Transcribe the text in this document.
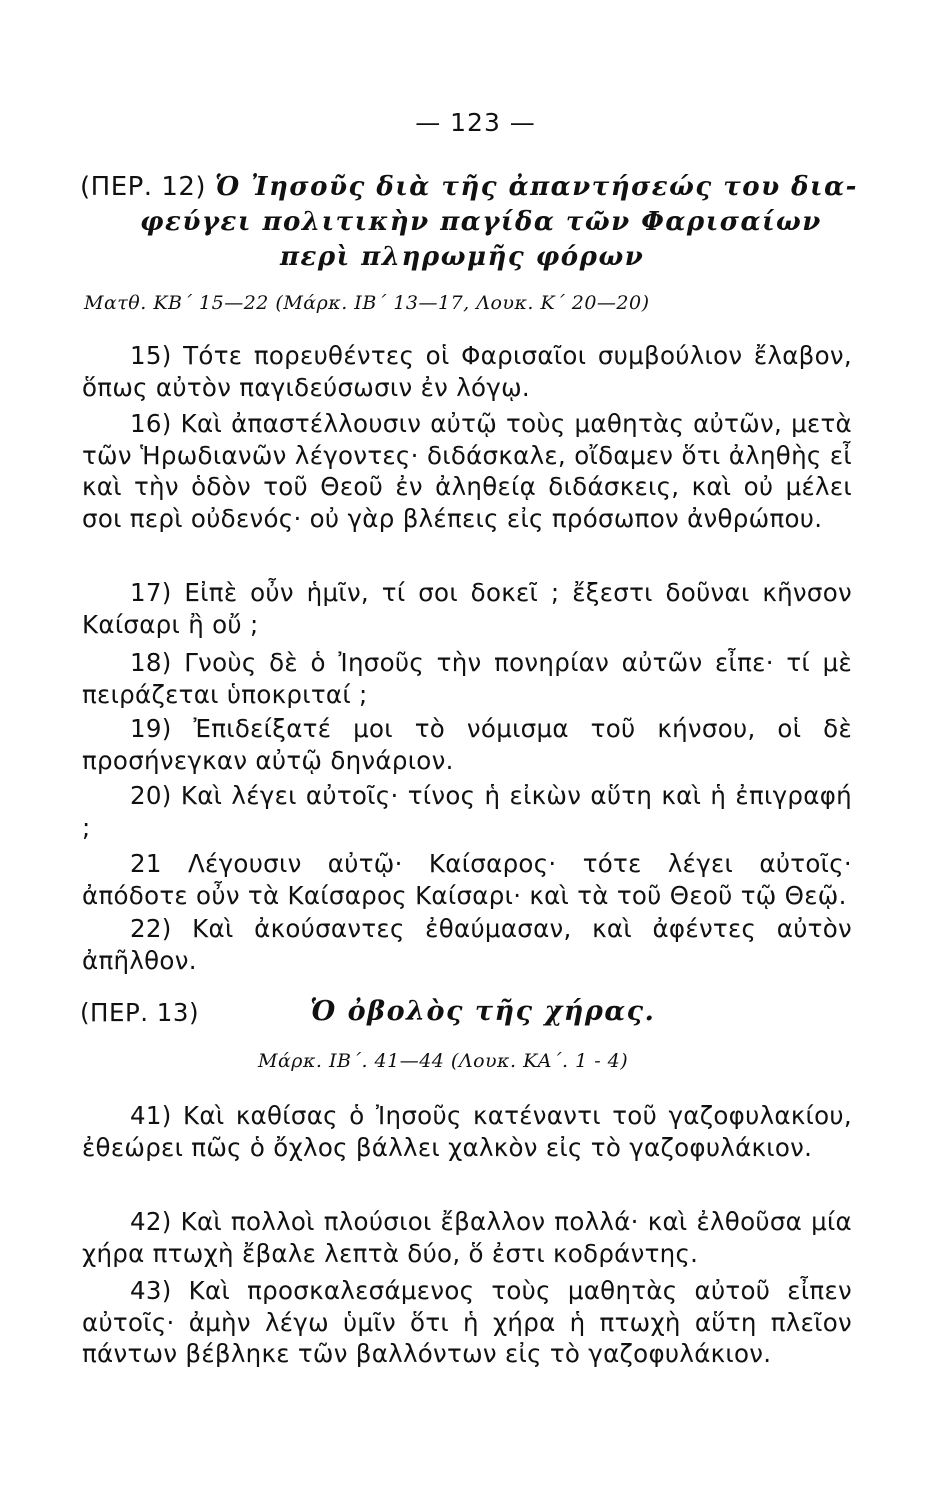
— 123 —
(ΠΕΡ. 12) Ὁ Ἰησοῦς διὰ τῆς ἀπαντήσεώς του δια-
φεύγει πολιτικὴν παγίδα τῶν Φαρισαίων
περὶ πληρωμῆς φόρων
Ματθ. ΚΒ΄ 15—22 (Μάρκ. ΙΒ΄ 13—17, Λουκ. Κ΄ 20—20)
15) Τότε πορευθέντες οἱ Φαρισαῖοι συμβούλιον ἔλαβον, ὅπως αὐτὸν παγιδεύσωσιν ἐν λόγῳ.
16) Καὶ ἀπαστέλλουσιν αὐτῷ τοὺς μαθητὰς αὐτῶν, μετὰ τῶν Ἡρωδιανῶν λέγοντες· διδάσκαλε, οἴδαμεν ὅτι ἀληθὴς εἶ καὶ τὴν ὁδὸν τοῦ Θεοῦ ἐν ἀληθείᾳ διδάσκεις, καὶ οὐ μέλει σοι περὶ οὐδενός· οὐ γὰρ βλέπεις εἰς πρόσωπον ἀνθρώπου.
17) Εἰπὲ οὖν ἡμῖν, τί σοι δοκεῖ ; ἔξεστι δοῦναι κῆνσον Καίσαρι ἢ οὔ ;
18) Γνοὺς δὲ ὁ Ἰησοῦς τὴν πονηρίαν αὐτῶν εἶπε· τί μὲ πειράζεται ὑποκριταί ;
19) Ἐπιδείξατέ μοι τὸ νόμισμα τοῦ κήνσου, οἱ δὲ προσήνεγκαν αὐτῷ δηνάριον.
20) Καὶ λέγει αὐτοῖς· τίνος ἡ εἰκὼν αὕτη καὶ ἡ ἐπιγραφή ;
21 Λέγουσιν αὐτῷ· Καίσαρος· τότε λέγει αὐτοῖς· ἀπόδοτε οὖν τὰ Καίσαρος Καίσαρι· καὶ τὰ τοῦ Θεοῦ τῷ Θεῷ.
22) Καὶ ἀκούσαντες ἐθαύμασαν, καὶ ἀφέντες αὐτὸν ἀπῆλθον.
(ΠΕΡ. 13)	Ὁ ὀβολὸς τῆς χήρας.
Μάρκ. ΙΒ΄. 41—44 (Λουκ. ΚΑ΄. 1 - 4)
41) Καὶ καθίσας ὁ Ἰησοῦς κατέναντι τοῦ γαζοφυλακίου, ἐθεώρει πῶς ὁ ὄχλος βάλλει χαλκὸν εἰς τὸ γαζοφυλάκιον.
42) Καὶ πολλοὶ πλούσιοι ἔβαλλον πολλά· καὶ ἐλθοῦσα μία χήρα πτωχὴ ἔβαλε λεπτὰ δύο, ὅ ἐστι κοδράντης.
43) Καὶ προσκαλεσάμενος τοὺς μαθητὰς αὐτοῦ εἶπεν αὐτοῖς· ἀμὴν λέγω ὑμῖν ὅτι ἡ χήρα ἡ πτωχὴ αὕτη πλεῖον πάντων βέβληκε τῶν βαλλόντων εἰς τὸ γαζοφυλάκιον.
